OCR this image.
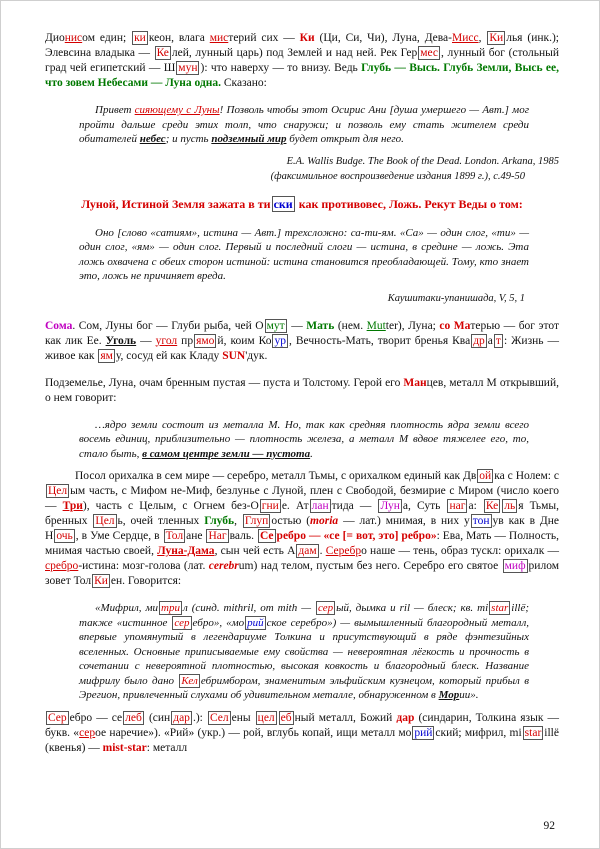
Дионисом един; ки кеон, влага мистерий сих — Ки (Ци, Си, Чи), Луна, Дева-Мисс, Ки лья (инк.); Элевсина владыка — Ке лей, лунный царь) под Землей и над ней. Рек Гер мес , лунный бог (стольный град чей египетский — Ш мун ): что наверху — то внизу. Ведь Глубь — Высь. Глубь Земли, Высь ее, что зовем Небесами — Луна одна. Сказано:
Привет сияющему с Луны! Позволь чтобы этот Осирис Ани [душа умершего — Авт.] мог пройти дальше среди этих толп, что снаружи; и позволь ему стать жителем среди обитателей небес; и пусть подземный мир будет открыт для него.
E.A. Wallis Budge. The Book of the Dead. London. Arkana, 1985
(факсимильное воспроизведение издания 1899 г.), с.49-50
Луной, Истиной Земля зажата в ти ски как противовес, Ложь. Рекут Веды о том:
Оно [слово «сатиям», истина — Авт.] трехсложно: са-ти-ям. «Са» — один слог, «ти» — один слог, «ям» — один слог. Первый и последний слоги — истина, в средине — ложь. Эта ложь охвачена с обеих сторон истиной: истина становится преобладающей. Тому, кто знает это, ложь не причиняет вреда.
Каушитаки-упанишада, V, 5, 1
Сома. Сом, Луны бог — Глуби рыба, чей О мут — Мать (нем. Mutter), Луна; со Матерью — бог этот как лик Ее. Уголь — угол пр ямо й, коим Ко ур , Вечность-Мать, творит бренья Ква др а т : Жизнь — живое как ям у, сосуд ей как Кладу SUN'дук.
Подземелье, Луна, очам бренным пустая — пуста и Толстому. Герой его Манцев, металл М открывший, о нем говорит:
…ядро земли состоит из металла М. Но, так как средняя плотность ядра земли всего восемь единиц, приблизительно — плотность железа, а металл М вдвое тяжелее его, то, стало быть, в самом центре земли — пустота.
Посол орихалка в сем мире — серебро, металл Тьмы, с орихалком единый как Дв ой ка с Нолем: с Цел ым часть, с Мифом не-Миф, безлунье с Луной, плен с Свободой, безмирие с Миром (число коего — Три), часть с Целым, с Огнем без-О гни е. Ат лан тида — Лун а, Суть наг а: Ке ль я Тьмы, бренных Цел ь, очей тленных Глубь, Глуп остью (moria — лат.) мнимая, в них у тон ув как в Дне Н очь , в Уме Сердце, в Тол ане Наг валь. Се ребро — «се [= вот, это] ребро»: Ева, Мать — Полность, мнимая частью своей, Луна-Дама, сын чей есть А дам . Серебро наше — тень, образ тускл: орихалк — сребро-истина: мозг-голова (лат. cerebrum) над телом, пустым без него. Серебро его святое миф рилом зовет Тол Ки ен. Говорится:
«Мифрил, ми три л (синд. mithril, от mith — сер ый, дымка и ril — блеск; кв. mi star illё; также «истинное сер ебро», «мо рий ское серебро») — вымышленный благородный металл, впервые упомянутый в легендариуме Толкина и присутствующий в ряде фэнтезийных вселенных. Основные приписываемые ему свойства — невероятная лёгкость и прочность в сочетании с невероятной плотностью, высокая ковкость и благородный блеск. Название мифрилу было дано Кел ебримбором, знаменитым эльфийским кузнецом, который прибыл в Эрегион, привлеченный слухами об удивительном металле, обнаруженном в Мории».
Сер ебро — се леб (син дар .): Сел ены цел еб ный металл, Божий дар (синдарин, Толкина язык — букв. «серое наречие»). «Рий» (укр.) — рой, вглубь копай, ищи металл мо рий ский; мифрил, mi star illё (квенья) — mist-star: металл
92
